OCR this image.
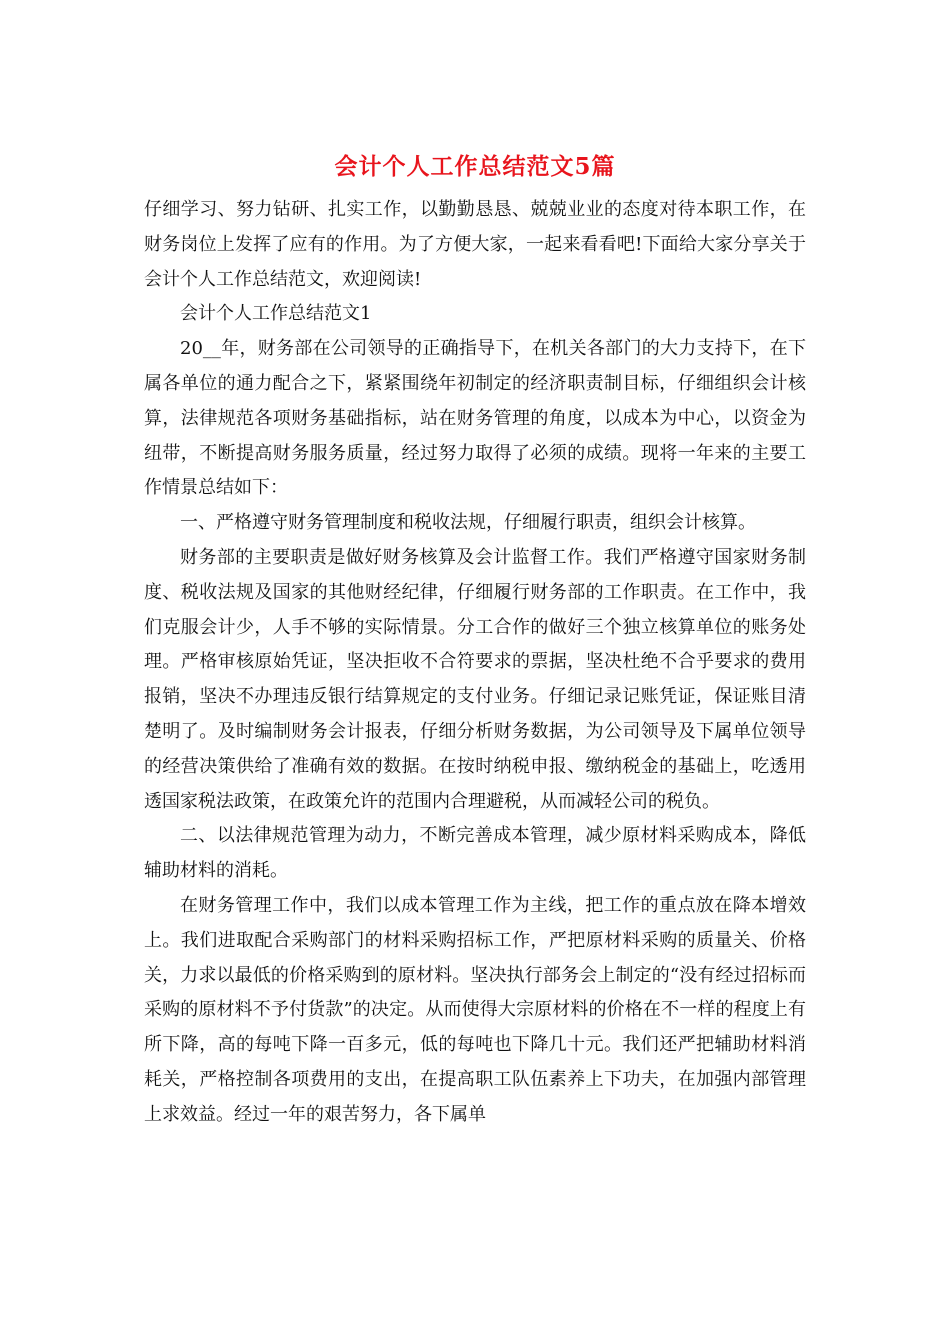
会计个人工作总结范文5篇

仔细学习、努力钻研、扎实工作，以勤勤恳恳、兢兢业业的态度对待本职工作，在财务岗位上发挥了应有的作用。为了方便大家，一起来看看吧!下面给大家分享关于会计个人工作总结范文，欢迎阅读!

会计个人工作总结范文1

20__年，财务部在公司领导的正确指导下，在机关各部门的大力支持下，在下属各单位的通力配合之下，紧紧围绕年初制定的经济职责制目标，仔细组织会计核算，法律规范各项财务基础指标，站在财务管理的角度，以成本为中心，以资金为纽带，不断提高财务服务质量，经过努力取得了必须的成绩。现将一年来的主要工作情景总结如下：

一、严格遵守财务管理制度和税收法规，仔细履行职责，组织会计核算。

财务部的主要职责是做好财务核算及会计监督工作。我们严格遵守国家财务制度、税收法规及国家的其他财经纪律，仔细履行财务部的工作职责。在工作中，我们克服会计少，人手不够的实际情景。分工合作的做好三个独立核算单位的账务处理。严格审核原始凭证，坚决拒收不合符要求的票据，坚决杜绝不合乎要求的费用报销，坚决不办理违反银行结算规定的支付业务。仔细记录记账凭证，保证账目清楚明了。及时编制财务会计报表，仔细分析财务数据，为公司领导及下属单位领导的经营决策供给了准确有效的数据。在按时纳税申报、缴纳税金的基础上，吃透用透国家税法政策，在政策允许的范围内合理避税，从而减轻公司的税负。

二、以法律规范管理为动力，不断完善成本管理，减少原材料采购成本，降低辅助材料的消耗。

在财务管理工作中，我们以成本管理工作为主线，把工作的重点放在降本增效上。我们进取配合采购部门的材料采购招标工作，严把原材料采购的质量关、价格关，力求以最低的价格采购到的原材料。坚决执行部务会上制定的“没有经过招标而采购的原材料不予付货款”的决定。从而使得大宗原材料的价格在不一样的程度上有所下降，高的每吨下降一百多元，低的每吨也下降几十元。我们还严把辅助材料消耗关，严格控制各项费用的支出，在提高职工队伍素养上下功夫，在加强内部管理上求效益。经过一年的艰苦努力，各下属单
